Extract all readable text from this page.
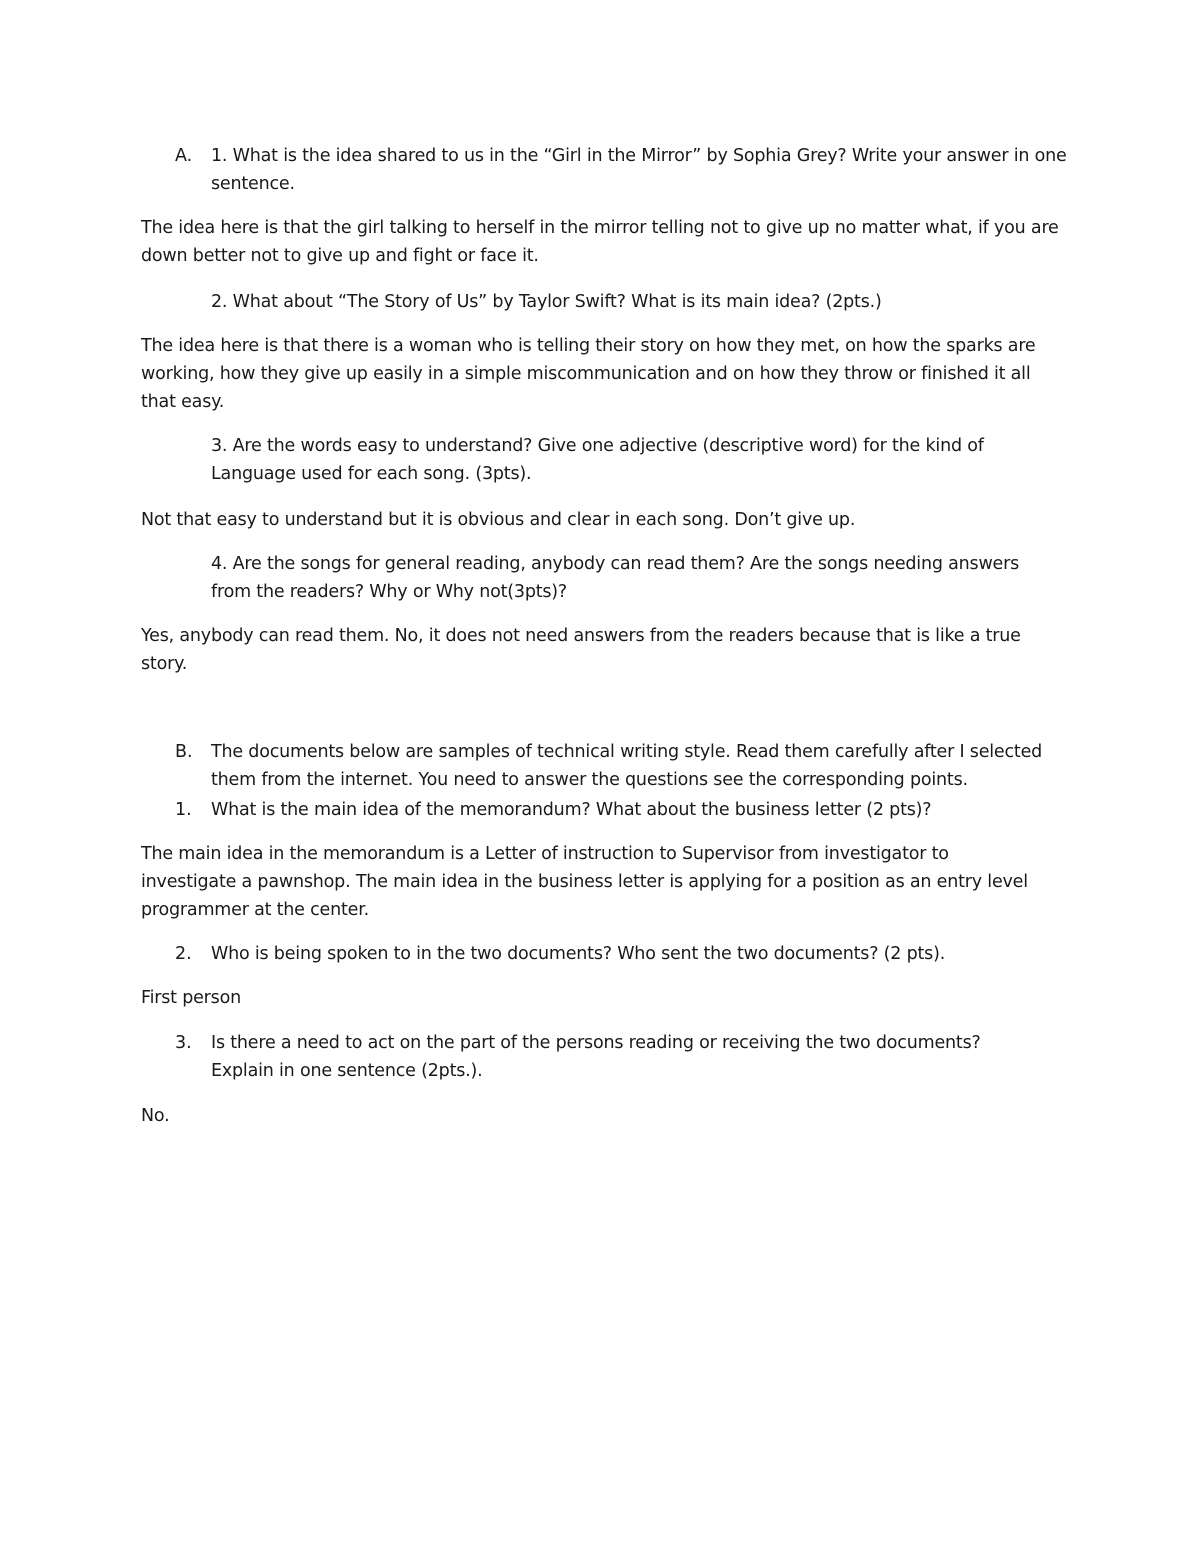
A. 1. What is the idea shared to us in the “Girl in the Mirror” by Sophia Grey? Write your answer in one sentence.
The idea here is that the girl talking to herself in the mirror telling not to give up no matter what, if you are down better not to give up and fight or face it.
2. What about “The Story of Us” by Taylor Swift? What is its main idea? (2pts.)
The idea here is that there is a woman who is telling their story on how they met, on how the sparks are working, how they give up easily in a simple miscommunication and on how they throw or finished it all that easy.
3. Are the words easy to understand? Give one adjective (descriptive word) for the kind of Language used for each song. (3pts).
Not that easy to understand but it is obvious and clear in each song. Don’t give up.
4. Are the songs for general reading, anybody can read them? Are the songs needing answers from the readers? Why or Why not(3pts)?
Yes, anybody can read them. No, it does not need answers from the readers because that is like a true story.
B. The documents below are samples of technical writing style. Read them carefully after I selected them from the internet. You need to answer the questions see the corresponding points.
1. What is the main idea of the memorandum? What about the business letter (2 pts)?
The main idea in the memorandum is a Letter of instruction to Supervisor from investigator to investigate a pawnshop. The main idea in the business letter is applying for a position as an entry level programmer at the center.
2. Who is being spoken to in the two documents? Who sent the two documents? (2 pts).
First person
3. Is there a need to act on the part of the persons reading or receiving the two documents? Explain in one sentence (2pts.).
No.
